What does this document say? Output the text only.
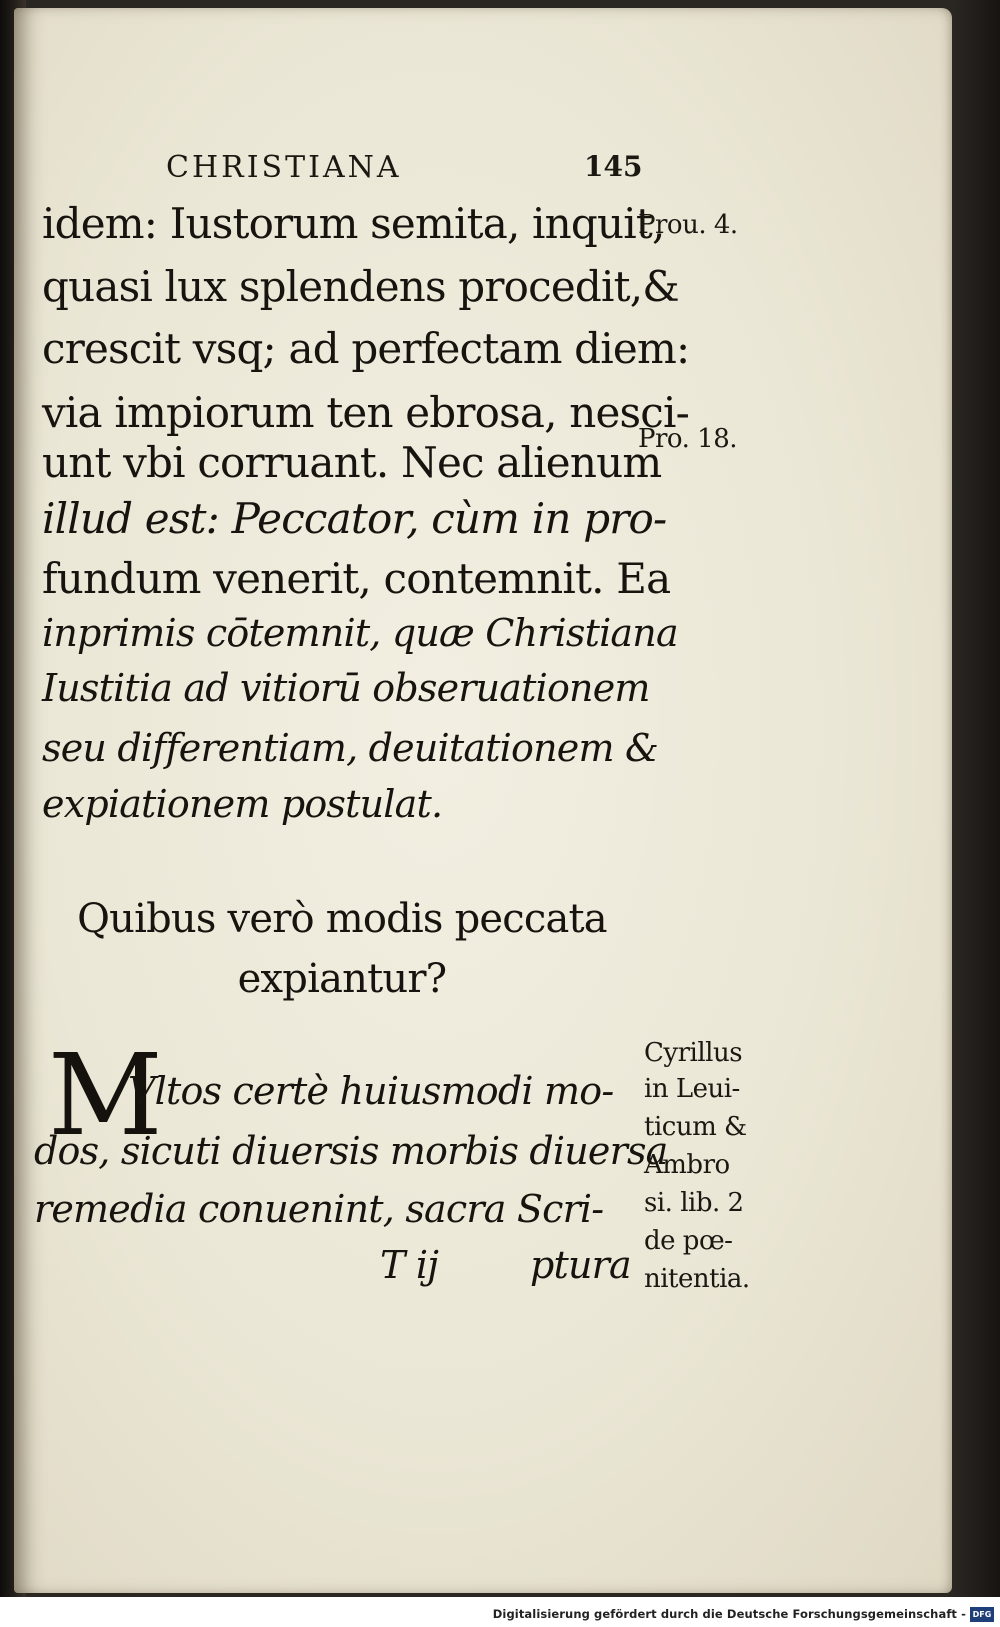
CHRISTIANA	145
idem: Iustorum semita, inquit,
quasi lux splendens procedit,&
crescit vsq; ad perfectam diem:
via impiorum ten ebrosa, nesci-
unt vbi corruant. Nec alienum
illud est: Peccator, cùm in pro-
fundum venerit, contemnit. Ea
inprimis cōtemnit, quæ Christiana
Iustitia ad vitiorū obseruationem
seu differentiam, deuitationem &
expiationem postulat.
Quibus verò modis peccata
expiantur?
M
Vltos certè huiusmodi mo-
dos, sicuti diuersis morbis diuersa
remedia conuenint, sacra Scri-
T ij ptura
Prou. 4.
Pro. 18.
Cyrillus
in Leui-
ticum &
Ambro
si. lib. 2
de pœ-
nitentia.
Digitalisierung gefördert durch die Deutsche Forschungsgemeinschaft - DFG
